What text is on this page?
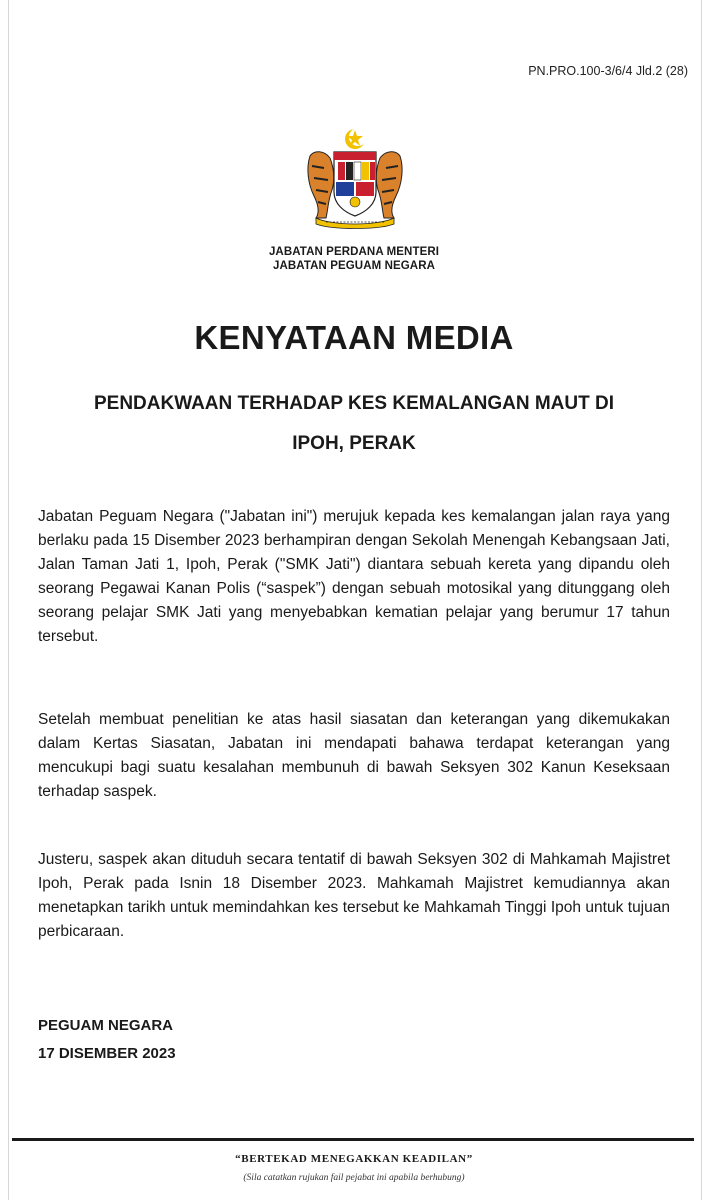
PN.PRO.100-3/6/4 Jld.2 (28)
JABATAN PERDANA MENTERI
JABATAN PEGUAM NEGARA
KENYATAAN MEDIA
PENDAKWAAN TERHADAP KES KEMALANGAN MAUT DI
IPOH, PERAK

Jabatan Peguam Negara ("Jabatan ini") merujuk kepada kes kemalangan jalan raya yang berlaku pada 15 Disember 2023 berhampiran dengan Sekolah Menengah Kebangsaan Jati, Jalan Taman Jati 1, Ipoh, Perak ("SMK Jati") diantara sebuah kereta yang dipandu oleh seorang Pegawai Kanan Polis (“saspek”) dengan sebuah motosikal yang ditunggang oleh seorang pelajar SMK Jati yang menyebabkan kematian pelajar yang berumur 17 tahun tersebut.

Setelah membuat penelitian ke atas hasil siasatan dan keterangan yang dikemukakan dalam Kertas Siasatan, Jabatan ini mendapati bahawa terdapat keterangan yang mencukupi bagi suatu kesalahan membunuh di bawah Seksyen 302 Kanun Keseksaan terhadap saspek.

Justeru, saspek akan dituduh secara tentatif di bawah Seksyen 302 di Mahkamah Majistret Ipoh, Perak pada Isnin 18 Disember 2023. Mahkamah Majistret kemudiannya akan menetapkan tarikh untuk memindahkan kes tersebut ke Mahkamah Tinggi Ipoh untuk tujuan perbicaraan.

PEGUAM NEGARA
17 DISEMBER 2023
“BERTEKAD MENEGAKKAN KEADILAN”
(Sila catatkan rujukan fail pejabat ini apabila berhubung)
